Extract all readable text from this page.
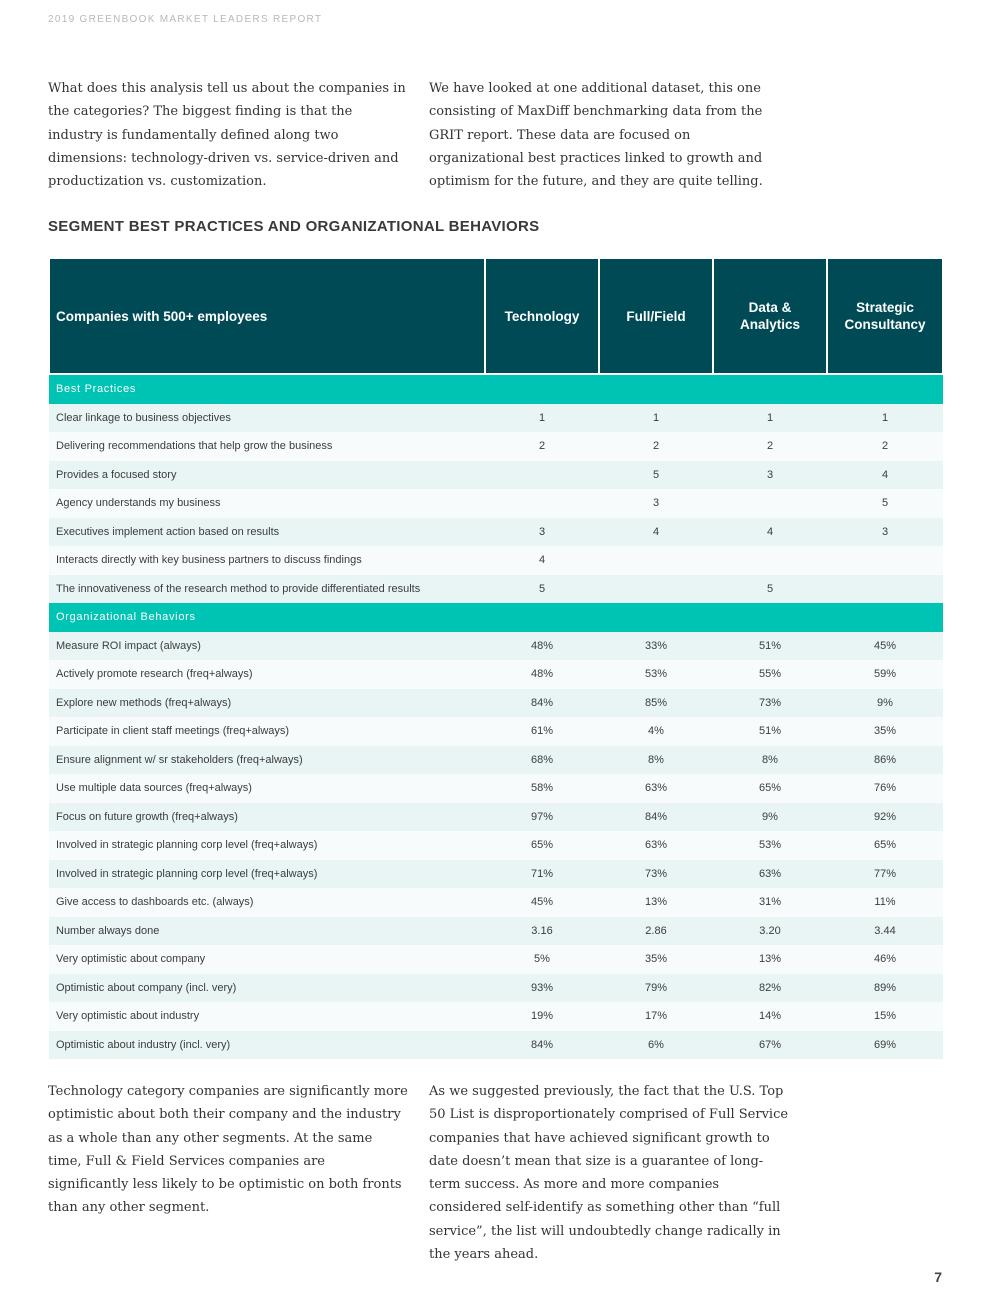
2019 GREENBOOK MARKET LEADERS REPORT
What does this analysis tell us about the companies in the categories? The biggest finding is that the industry is fundamentally defined along two dimensions: technology-driven vs. service-driven and productization vs. customization.
We have looked at one additional dataset, this one consisting of MaxDiff benchmarking data from the GRIT report. These data are focused on organizational best practices linked to growth and optimism for the future, and they are quite telling.
SEGMENT BEST PRACTICES AND ORGANIZATIONAL BEHAVIORS
Companies with 500+ employees	Technology	Full/Field	Data & Analytics	Strategic Consultancy
Best Practices				
Clear linkage to business objectives	1	1	1	1
Delivering recommendations that help grow the business	2	2	2	2
Provides a focused story		5	3	4
Agency understands my business		3		5
Executives implement action based on results	3	4	4	3
Interacts directly with key business partners to discuss findings	4			
The innovativeness of the research method to provide differentiated results	5		5	
Organizational Behaviors				
Measure ROI impact (always)	48%	33%	51%	45%
Actively promote research (freq+always)	48%	53%	55%	59%
Explore new methods (freq+always)	84%	85%	73%	9%
Participate in client staff meetings (freq+always)	61%	4%	51%	35%
Ensure alignment w/ sr stakeholders (freq+always)	68%	8%	8%	86%
Use multiple data sources (freq+always)	58%	63%	65%	76%
Focus on future growth (freq+always)	97%	84%	9%	92%
Involved in strategic planning corp level (freq+always)	65%	63%	53%	65%
Involved in strategic planning corp level (freq+always)	71%	73%	63%	77%
Give access to dashboards etc. (always)	45%	13%	31%	11%
Number always done	3.16	2.86	3.20	3.44
Very optimistic about company	5%	35%	13%	46%
Optimistic about company (incl. very)	93%	79%	82%	89%
Very optimistic about industry	19%	17%	14%	15%
Optimistic about industry (incl. very)	84%	6%	67%	69%
Technology category companies are significantly more optimistic about both their company and the industry as a whole than any other segments. At the same time, Full & Field Services companies are significantly less likely to be optimistic on both fronts than any other segment.
As we suggested previously, the fact that the U.S. Top 50 List is disproportionately comprised of Full Service companies that have achieved significant growth to date doesn’t mean that size is a guarantee of long-term success. As more and more companies considered self-identify as something other than “full service”, the list will undoubtedly change radically in the years ahead.
7
